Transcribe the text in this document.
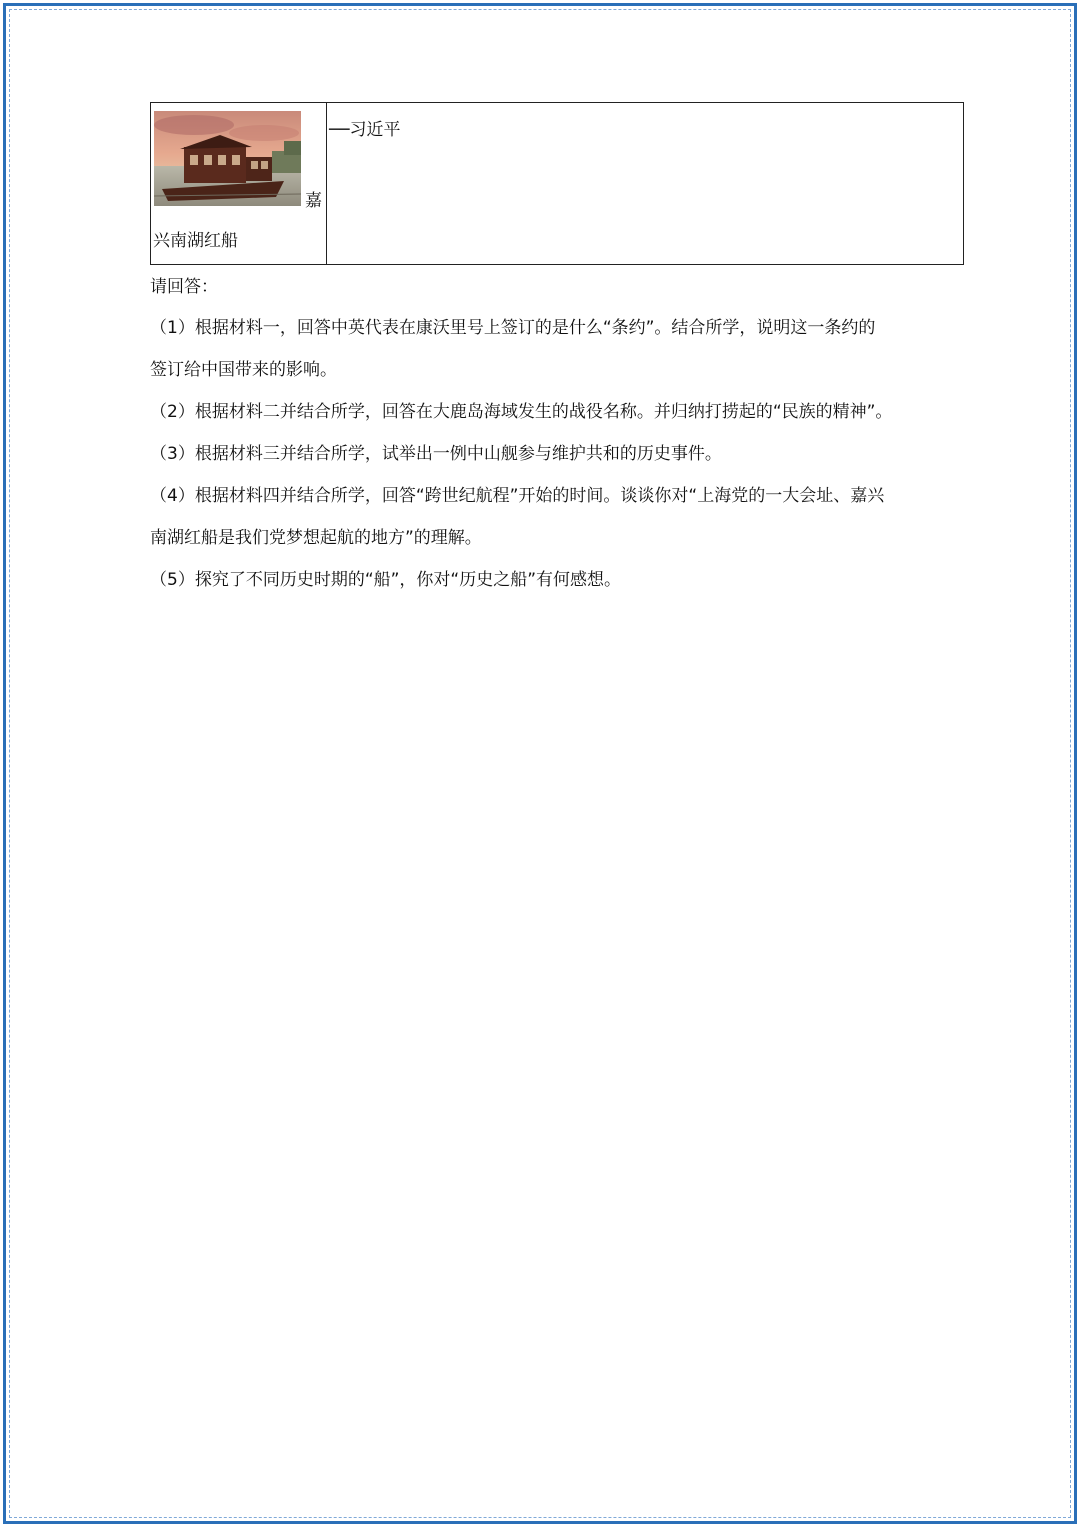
嘉
兴南湖红船
	──习近平
请回答：

（1）根据材料一，回答中英代表在康沃里号上签订的是什么“条约”。结合所学，说明这一条约的

签订给中国带来的影响。

（2）根据材料二并结合所学，回答在大鹿岛海域发生的战役名称。并归纳打捞起的“民族的精神”。

（3）根据材料三并结合所学，试举出一例中山舰参与维护共和的历史事件。

（4）根据材料四并结合所学，回答“跨世纪航程”开始的时间。谈谈你对“上海党的一大会址、嘉兴

南湖红船是我们党梦想起航的地方”的理解。

（5）探究了不同历史时期的“船”，你对“历史之船”有何感想。
